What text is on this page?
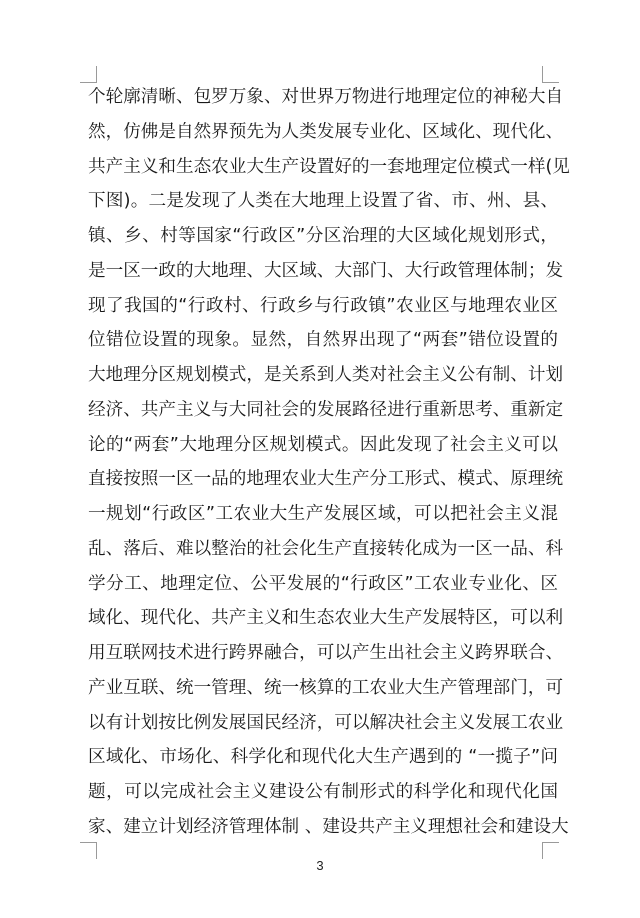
个轮廓清晰、包罗万象、对世界万物进行地理定位的神秘大自
然，仿佛是自然界预先为人类发展专业化、区域化、现代化、
共产主义和生态农业大生产设置好的一套地理定位模式一样(见
下图)。二是发现了人类在大地理上设置了省、市、州、县、
镇、乡、村等国家“行政区”分区治理的大区域化规划形式，
是一区一政的大地理、大区域、大部门、大行政管理体制；发
现了我国的“行政村、行政乡与行政镇”农业区与地理农业区
位错位设置的现象。显然，自然界出现了“两套”错位设置的
大地理分区规划模式，是关系到人类对社会主义公有制、计划
经济、共产主义与大同社会的发展路径进行重新思考、重新定
论的“两套”大地理分区规划模式。因此发现了社会主义可以
直接按照一区一品的地理农业大生产分工形式、模式、原理统
一规划“行政区”工农业大生产发展区域，可以把社会主义混
乱、落后、难以整治的社会化生产直接转化成为一区一品、科
学分工、地理定位、公平发展的“行政区”工农业专业化、区
域化、现代化、共产主义和生态农业大生产发展特区，可以利
用互联网技术进行跨界融合，可以产生出社会主义跨界联合、
产业互联、统一管理、统一核算的工农业大生产管理部门，可
以有计划按比例发展国民经济，可以解决社会主义发展工农业
区域化、市场化、科学化和现代化大生产遇到的 “一揽子”问
题，可以完成社会主义建设公有制形式的科学化和现代化国
家、建立计划经济管理体制 、建设共产主义理想社会和建设大
3
